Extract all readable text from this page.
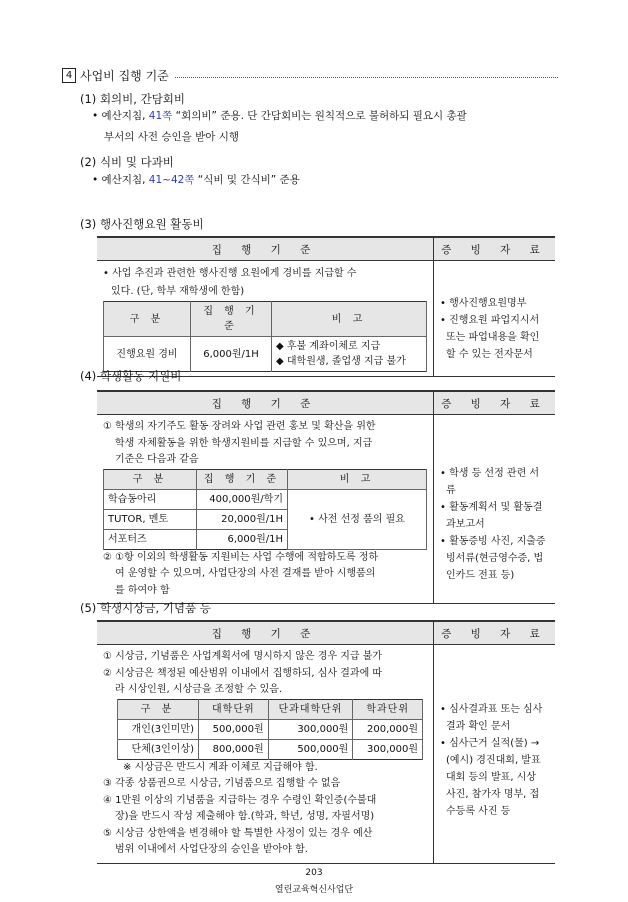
4 사업비 집행 기준
(1) 회의비, 간담회비
• 예산지침, 41쪽 “회의비” 준용. 단 간담회비는 원칙적으로 불허하되 필요시 총괄
부서의 사전 승인을 받아 시행
(2) 식비 및 다과비
• 예산지침, 41~42쪽 “식비 및 간식비” 준용
(3) 행사진행요원 활동비
집 행 기 준	증 빙 자 료

• 사업 추진과 관련한 행사진행 요원에게 경비를 지급할 수
있다. (단, 학부 재학생에 한함)
구 분	집 행 기 준	비 고
진행요원 경비	6,000원/1H	
◆ 후불 계좌이체로 지급
◆ 대학원생, 졸업생 지급 불가

• 행사진행요원명부
• 진행요원 파업지시서
또는 파업내용을 확인
할 수 있는 전자문서
(4) 학생활동 지원비
집 행 기 준	증 빙 자 료

① 학생의 자기주도 활동 장려와 사업 관련 홍보 및 확산을 위한
학생 자체활동을 위한 학생지원비를 지급할 수 있으며, 지급
기준은 다음과 같음
구 분	집 행 기 준	비 고
학습동아리	400,000원/학기	• 사전 선정 품의 필요
TUTOR, 멘토	20,000원/1H
서포터즈	6,000원/1H
② ①항 이외의 학생활동 지원비는 사업 수행에 적합하도록 정하
여 운영할 수 있으며, 사업단장의 사전 결재를 받아 시행품의
를 하여야 함

• 학생 등 선정 관련 서
류
• 활동계획서 및 활동결
과보고서
• 활동증빙 사진, 지출증
빙서류(현금영수증, 법
인카드 전표 등)
(5) 학생시상금, 기념품 등
집 행 기 준	증 빙 자 료

① 시상금, 기념품은 사업계획서에 명시하지 않은 경우 지급 불가
② 시상금은 책정된 예산범위 이내에서 집행하되, 심사 결과에 따
라 시상인원, 시상금을 조정할 수 있음.
구 분	대학단위	단과대학단위	학과단위
개인(3인미만)	500,000원	300,000원	200,000원
단체(3인이상)	800,000원	500,000원	300,000원
※ 시상금은 반드시 계좌 이체로 지급해야 함.
③ 각종 상품권으로 시상금, 기념품으로 집행할 수 없음
④ 1만원 이상의 기념품을 지급하는 경우 수령인 확인증(수불대
장)을 반드시 작성 제출해야 함.(학과, 학년, 성명, 자필서명)
⑤ 시상금 상한액을 변경해야 할 특별한 사정이 있는 경우 예산
범위 이내에서 사업단장의 승인을 받아야 함.

• 심사결과표 또는 심사
결과 확인 문서
• 심사근거 실적(물) →
(예시) 경진대회, 발표
대회 등의 발표, 시상
사진, 참가자 명부, 접
수등록 사진 등
203
열린교육혁신사업단
